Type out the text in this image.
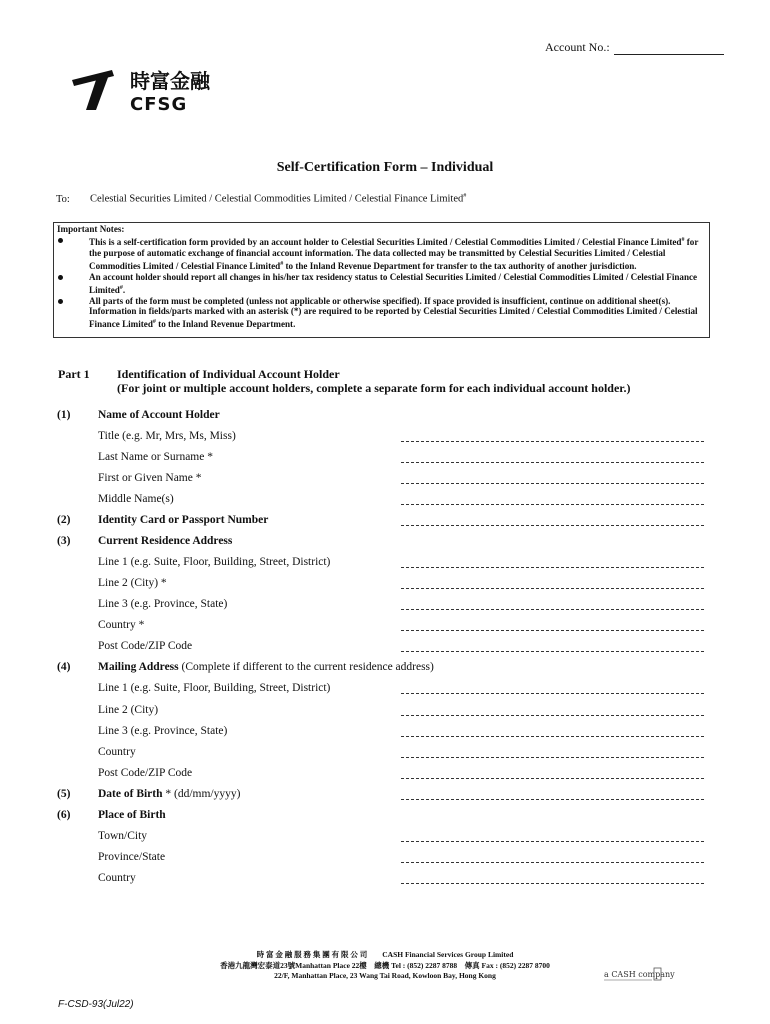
Account No.:
時富金融
CFSG
Self-Certification Form – Individual
To: Celestial Securities Limited / Celestial Commodities Limited / Celestial Finance Limited#
Important Notes:
This is a self-certification form provided by an account holder to Celestial Securities Limited / Celestial Commodities Limited / Celestial Finance Limited# for the purpose of automatic exchange of financial account information. The data collected may be transmitted by Celestial Securities Limited / Celestial Commodities Limited / Celestial Finance Limited# to the Inland Revenue Department for transfer to the tax authority of another jurisdiction.
An account holder should report all changes in his/her tax residency status to Celestial Securities Limited / Celestial Commodities Limited / Celestial Finance Limited#.
All parts of the form must be completed (unless not applicable or otherwise specified). If space provided is insufficient, continue on additional sheet(s). Information in fields/parts marked with an asterisk (*) are required to be reported by Celestial Securities Limited / Celestial Commodities Limited / Celestial Finance Limited# to the Inland Revenue Department.
Part 1 Identification of Individual Account Holder
(For joint or multiple account holders, complete a separate form for each individual account holder.)
(1) Name of Account Holder
Title (e.g. Mr, Mrs, Ms, Miss)
Last Name or Surname *
First or Given Name *
Middle Name(s)
(2) Identity Card or Passport Number
(3) Current Residence Address
Line 1 (e.g. Suite, Floor, Building, Street, District)
Line 2 (City) *
Line 3 (e.g. Province, State)
Country *
Post Code/ZIP Code
(4) Mailing Address (Complete if different to the current residence address)
Line 1 (e.g. Suite, Floor, Building, Street, District)
Line 2 (City)
Line 3 (e.g. Province, State)
Country
Post Code/ZIP Code
(5) Date of Birth * (dd/mm/yyyy)
(6) Place of Birth
Town/City
Province/State
Country
時 富 金 融 服 務 集 團 有 限 公 司　　 CASH Financial Services Group Limited
香港九龍灣宏泰道23號Manhattan Place 22樓　總機 Tel : (852) 2287 8788　傳真 Fax : (852) 2287 8700
22/F, Manhattan Place, 23 Wang Tai Road, Kowloon Bay, Hong Kong	a CASH company
F-CSD-93(Jul22)
